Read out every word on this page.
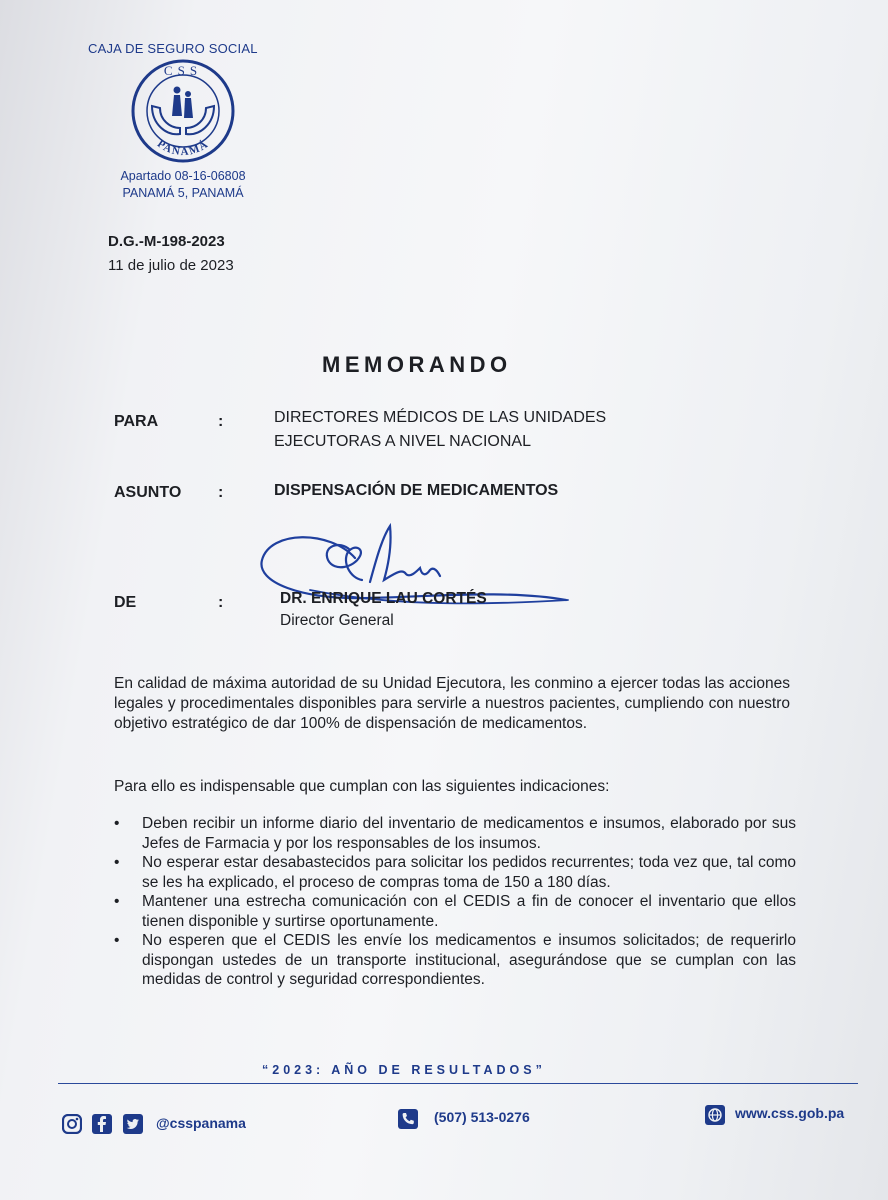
CAJA DE SEGURO SOCIAL
CSS
PANAMÁ
Apartado 08-16-06808
PANAMÁ 5, PANAMÁ
D.G.-M-198-2023
11 de julio de 2023
MEMORANDO
PARA	:	DIRECTORES MÉDICOS DE LAS UNIDADES
EJECUTORAS A NIVEL NACIONAL
ASUNTO :	DISPENSACIÓN DE MEDICAMENTOS
DE	:	DR. ENRIQUE LAU CORTÉS
Director General
En calidad de máxima autoridad de su Unidad Ejecutora, les conmino a ejercer todas las acciones legales y procedimentales disponibles para servirle a nuestros pacientes, cumpliendo con nuestro objetivo estratégico de dar 100% de dispensación de medicamentos.
Para ello es indispensable que cumplan con las siguientes indicaciones:
• Deben recibir un informe diario del inventario de medicamentos e insumos, elaborado por sus Jefes de Farmacia y por los responsables de los insumos.
• No esperar estar desabastecidos para solicitar los pedidos recurrentes; toda vez que, tal como se les ha explicado, el proceso de compras toma de 150 a 180 días.
• Mantener una estrecha comunicación con el CEDIS a fin de conocer el inventario que ellos tienen disponible y surtirse oportunamente.
• No esperen que el CEDIS les envíe los medicamentos e insumos solicitados; de requerirlo dispongan ustedes de un transporte institucional, asegurándose que se cumplan con las medidas de control y seguridad correspondientes.
“2023: AÑO DE RESULTADOS”
@csspanama	(507) 513-0276	www.css.gob.pa
